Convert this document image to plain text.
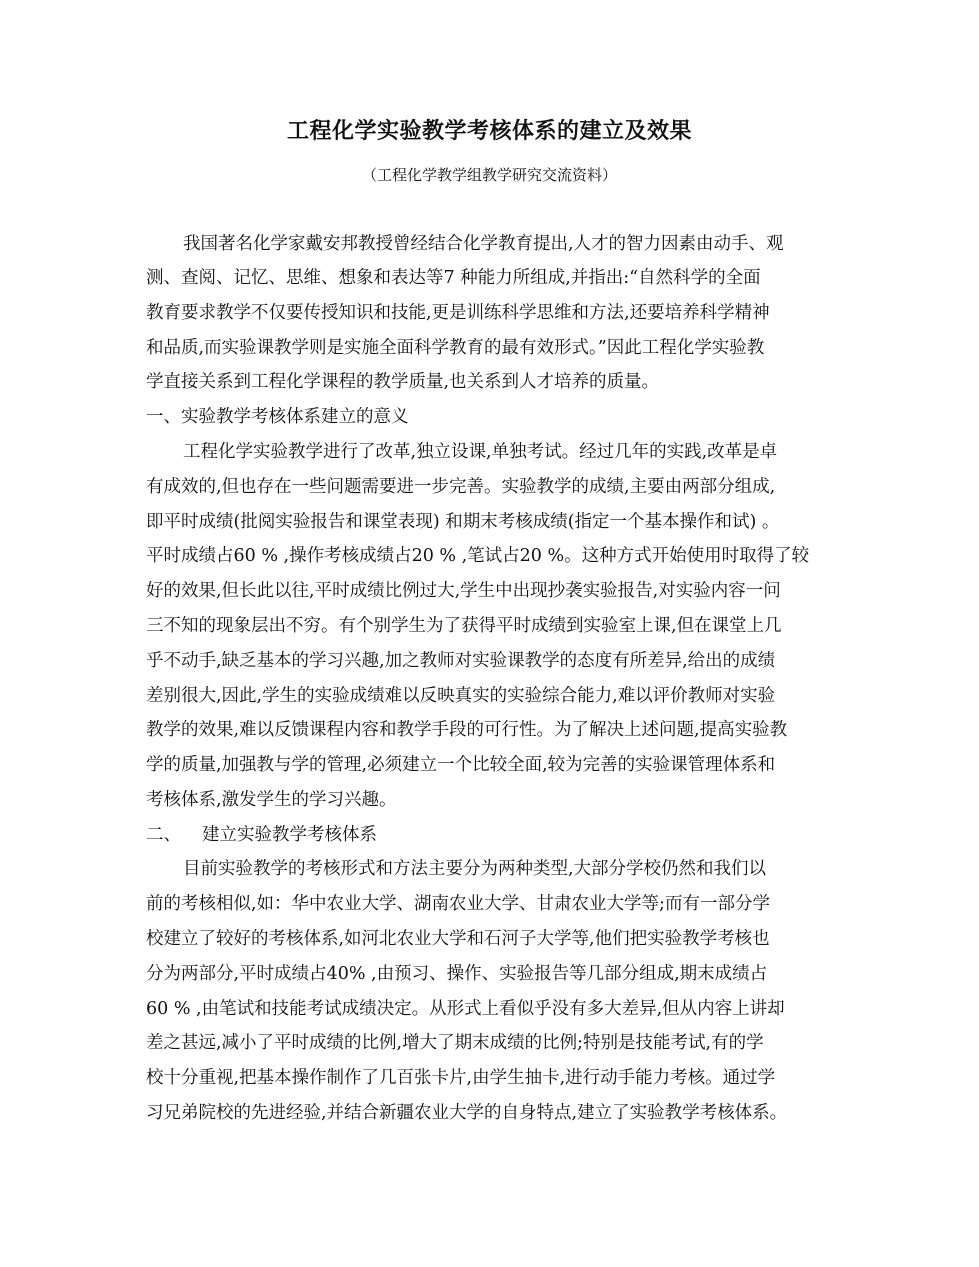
工程化学实验教学考核体系的建立及效果
（工程化学教学组教学研究交流资料）
我国著名化学家戴安邦教授曾经结合化学教育提出,人才的智力因素由动手、观
测、查阅、记忆、思维、想象和表达等7 种能力所组成,并指出:“自然科学的全面
教育要求教学不仅要传授知识和技能,更是训练科学思维和方法,还要培养科学精神
和品质,而实验课教学则是实施全面科学教育的最有效形式。”因此工程化学实验教
学直接关系到工程化学课程的教学质量,也关系到人才培养的质量。
一、实验教学考核体系建立的意义
工程化学实验教学进行了改革,独立设课,单独考试。经过几年的实践,改革是卓
有成效的,但也存在一些问题需要进一步完善。实验教学的成绩,主要由两部分组成,
即平时成绩(批阅实验报告和课堂表现) 和期末考核成绩(指定一个基本操作和试) 。
平时成绩占60 % ,操作考核成绩占20 % ,笔试占20 %。这种方式开始使用时取得了较
好的效果,但长此以往,平时成绩比例过大,学生中出现抄袭实验报告,对实验内容一问
三不知的现象层出不穷。有个别学生为了获得平时成绩到实验室上课,但在课堂上几
乎不动手,缺乏基本的学习兴趣,加之教师对实验课教学的态度有所差异,给出的成绩
差别很大,因此,学生的实验成绩难以反映真实的实验综合能力,难以评价教师对实验
教学的效果,难以反馈课程内容和教学手段的可行性。为了解决上述问题,提高实验教
学的质量,加强教与学的管理,必须建立一个比较全面,较为完善的实验课管理体系和
考核体系,激发学生的学习兴趣。
二、 建立实验教学考核体系
目前实验教学的考核形式和方法主要分为两种类型,大部分学校仍然和我们以
前的考核相似,如：华中农业大学、湖南农业大学、甘肃农业大学等;而有一部分学
校建立了较好的考核体系,如河北农业大学和石河子大学等,他们把实验教学考核也
分为两部分,平时成绩占40% ,由预习、操作、实验报告等几部分组成,期末成绩占
60 % ,由笔试和技能考试成绩决定。从形式上看似乎没有多大差异,但从内容上讲却
差之甚远,减小了平时成绩的比例,增大了期末成绩的比例;特别是技能考试,有的学
校十分重视,把基本操作制作了几百张卡片,由学生抽卡,进行动手能力考核。通过学
习兄弟院校的先进经验,并结合新疆农业大学的自身特点,建立了实验教学考核体系。
